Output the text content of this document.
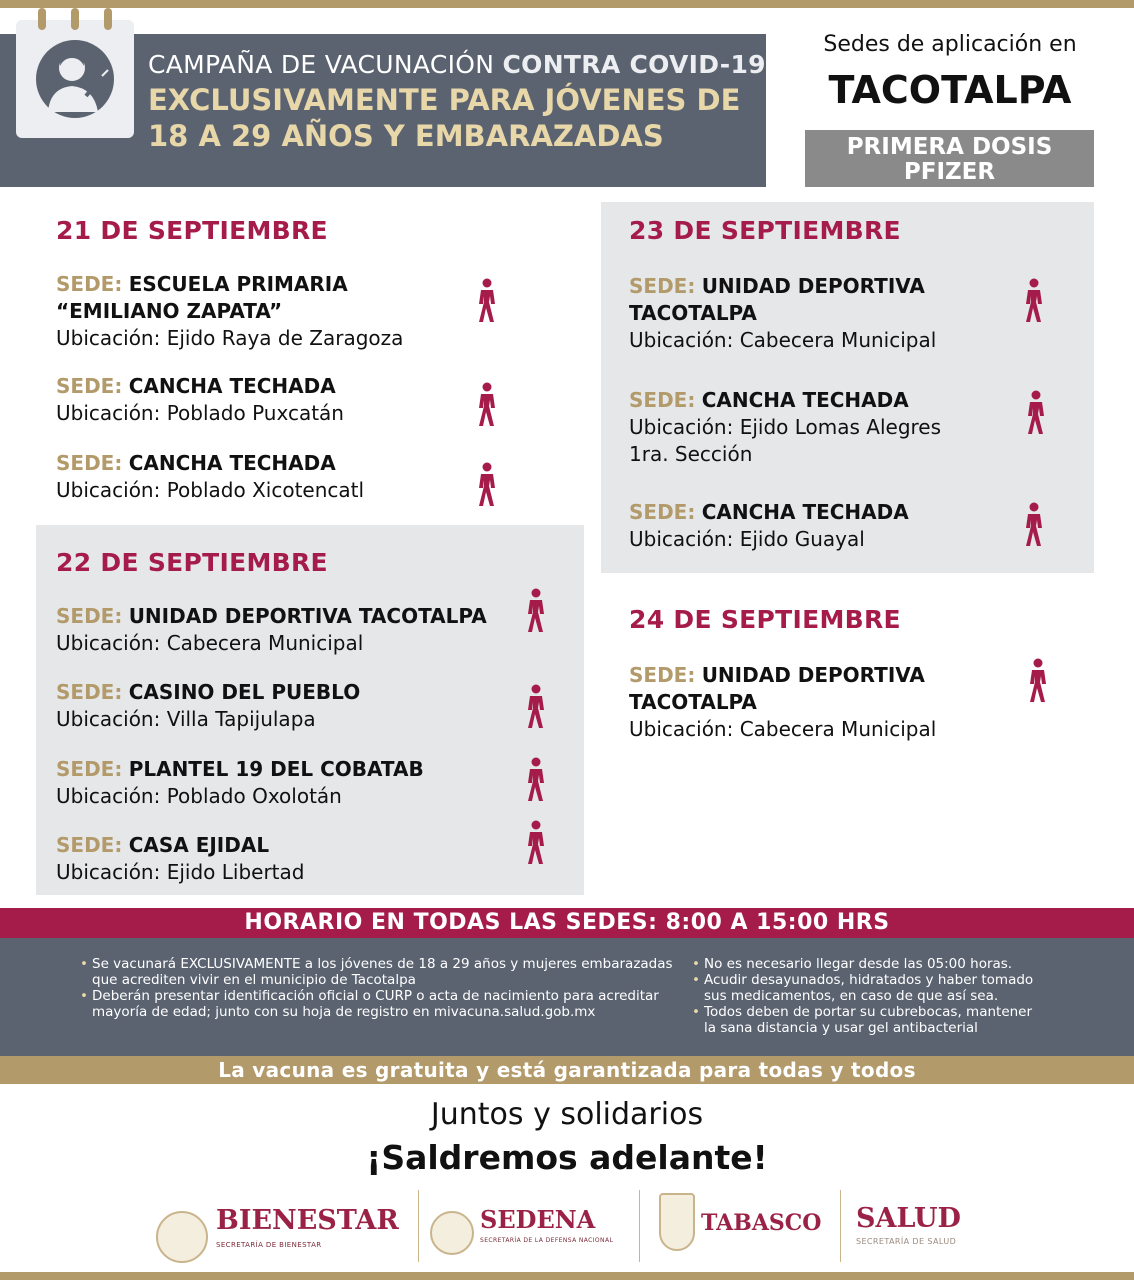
CAMPAÑA DE VACUNACIÓN CONTRA COVID-19
EXCLUSIVAMENTE PARA JÓVENES DE
18 A 29 AÑOS Y EMBARAZADAS
Sedes de aplicación en
TACOTALPA
PRIMERA DOSIS
PFIZER
21 DE SEPTIEMBRE
SEDE: ESCUELA PRIMARIA
“EMILIANO ZAPATA”
Ubicación: Ejido Raya de Zaragoza
SEDE: CANCHA TECHADA
Ubicación: Poblado Puxcatán
SEDE: CANCHA TECHADA
Ubicación: Poblado Xicotencatl
22 DE SEPTIEMBRE
SEDE: UNIDAD DEPORTIVA TACOTALPA
Ubicación: Cabecera Municipal
SEDE: CASINO DEL PUEBLO
Ubicación: Villa Tapijulapa
SEDE: PLANTEL 19 DEL COBATAB
Ubicación: Poblado Oxolotán
SEDE: CASA EJIDAL
Ubicación: Ejido Libertad
23 DE SEPTIEMBRE
SEDE: UNIDAD DEPORTIVA
TACOTALPA
Ubicación: Cabecera Municipal
SEDE: CANCHA TECHADA
Ubicación: Ejido Lomas Alegres
1ra. Sección
SEDE: CANCHA TECHADA
Ubicación: Ejido Guayal
24 DE SEPTIEMBRE
SEDE: UNIDAD DEPORTIVA
TACOTALPA
Ubicación: Cabecera Municipal
HORARIO EN TODAS LAS SEDES: 8:00 A 15:00 HRS
• Se vacunará EXCLUSIVAMENTE a los jóvenes de 18 a 29 años y mujeres embarazadas
que acrediten vivir en el municipio de Tacotalpa
• Deberán presentar identificación oficial o CURP o acta de nacimiento para acreditar
mayoría de edad; junto con su hoja de registro en mivacuna.salud.gob.mx
• No es necesario llegar desde las 05:00 horas.
• Acudir desayunados, hidratados y haber tomado
sus medicamentos, en caso de que así sea.
• Todos deben de portar su cubrebocas, mantener
la sana distancia y usar gel antibacterial
La vacuna es gratuita y está garantizada para todas y todos
Juntos y solidarios
¡Saldremos adelante!
BIENESTAR
SECRETARÍA DE BIENESTAR
SEDENA
SECRETARÍA DE LA DEFENSA NACIONAL
TABASCO SALUD
SECRETARÍA DE SALUD
